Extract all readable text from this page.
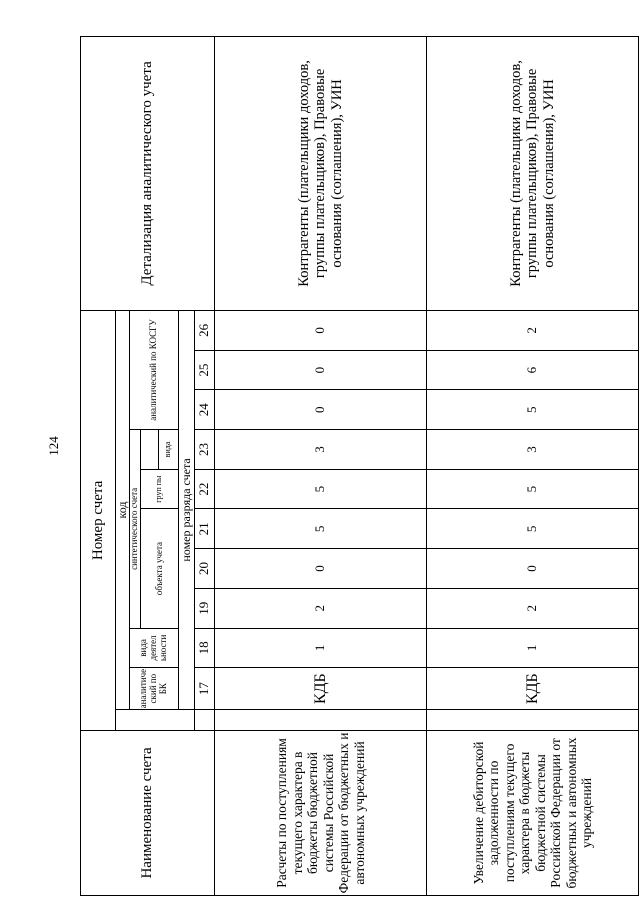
124
Наименование счета	Номер счета											Детализация аналитического учета
		код										
		аналитиче ский по БК	вида деятел ьности	синтетического счета					аналитический по КОСГУ			
				объекта учета			груп пы					
								вида				
		номер разряда счета										
		17	18	19	20	21	22	23	24	25	26	
Расчеты по поступлениям текущего характера в бюджеты бюджетной системы Российской Федерации от бюджетных и автономных учреждений		КДБ	1	2	0	5	5	3	0	0	0	Контрагенты (плательщики доходов, группы плательщиков), Правовые основания (соглашения), УИН
Увеличение дебиторской задолженности по поступлениям текущего характера в бюджеты бюджетной системы Российской Федерации от бюджетных и автономных учреждений		КДБ	1	2	0	5	5	3	5	6	2	Контрагенты (плательщики доходов, группы плательщиков), Правовые основания (соглашения), УИН
